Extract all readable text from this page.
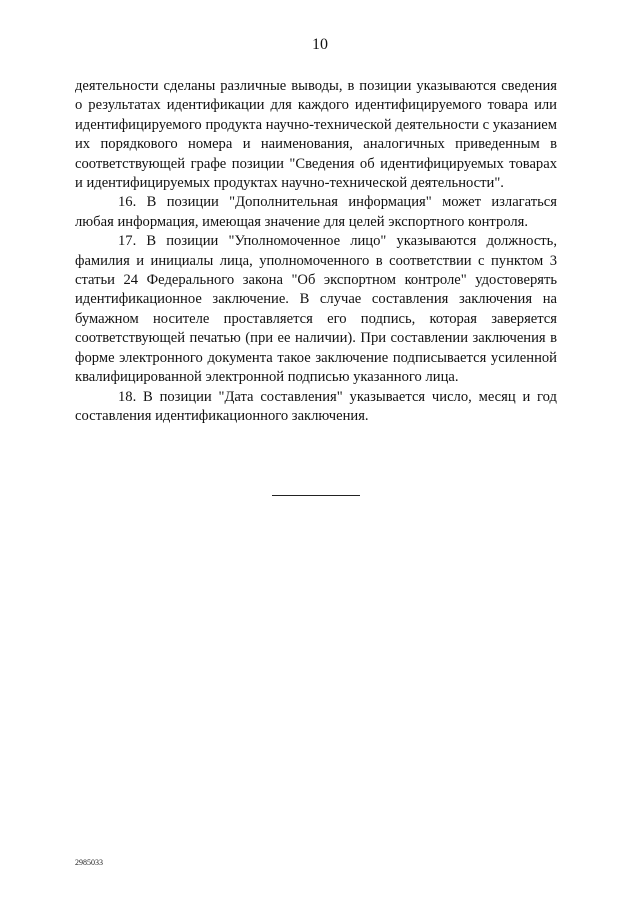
10

деятельности сделаны различные выводы, в позиции указываются сведения о результатах идентификации для каждого идентифицируемого товара или идентифицируемого продукта научно-технической деятельности с указанием их порядкового номера и наименования, аналогичных приведенным в соответствующей графе позиции "Сведения об идентифицируемых товарах и идентифицируемых продуктах научно-технической деятельности".

16. В позиции "Дополнительная информация" может излагаться любая информация, имеющая значение для целей экспортного контроля.

17. В позиции "Уполномоченное лицо" указываются должность, фамилия и инициалы лица, уполномоченного в соответствии с пунктом 3 статьи 24 Федерального закона "Об экспортном контроле" удостоверять идентификационное заключение. В случае составления заключения на бумажном носителе проставляется его подпись, которая заверяется соответствующей печатью (при ее наличии). При составлении заключения в форме электронного документа такое заключение подписывается усиленной квалифицированной электронной подписью указанного лица.

18. В позиции "Дата составления" указывается число, месяц и год составления идентификационного заключения.

2985033
